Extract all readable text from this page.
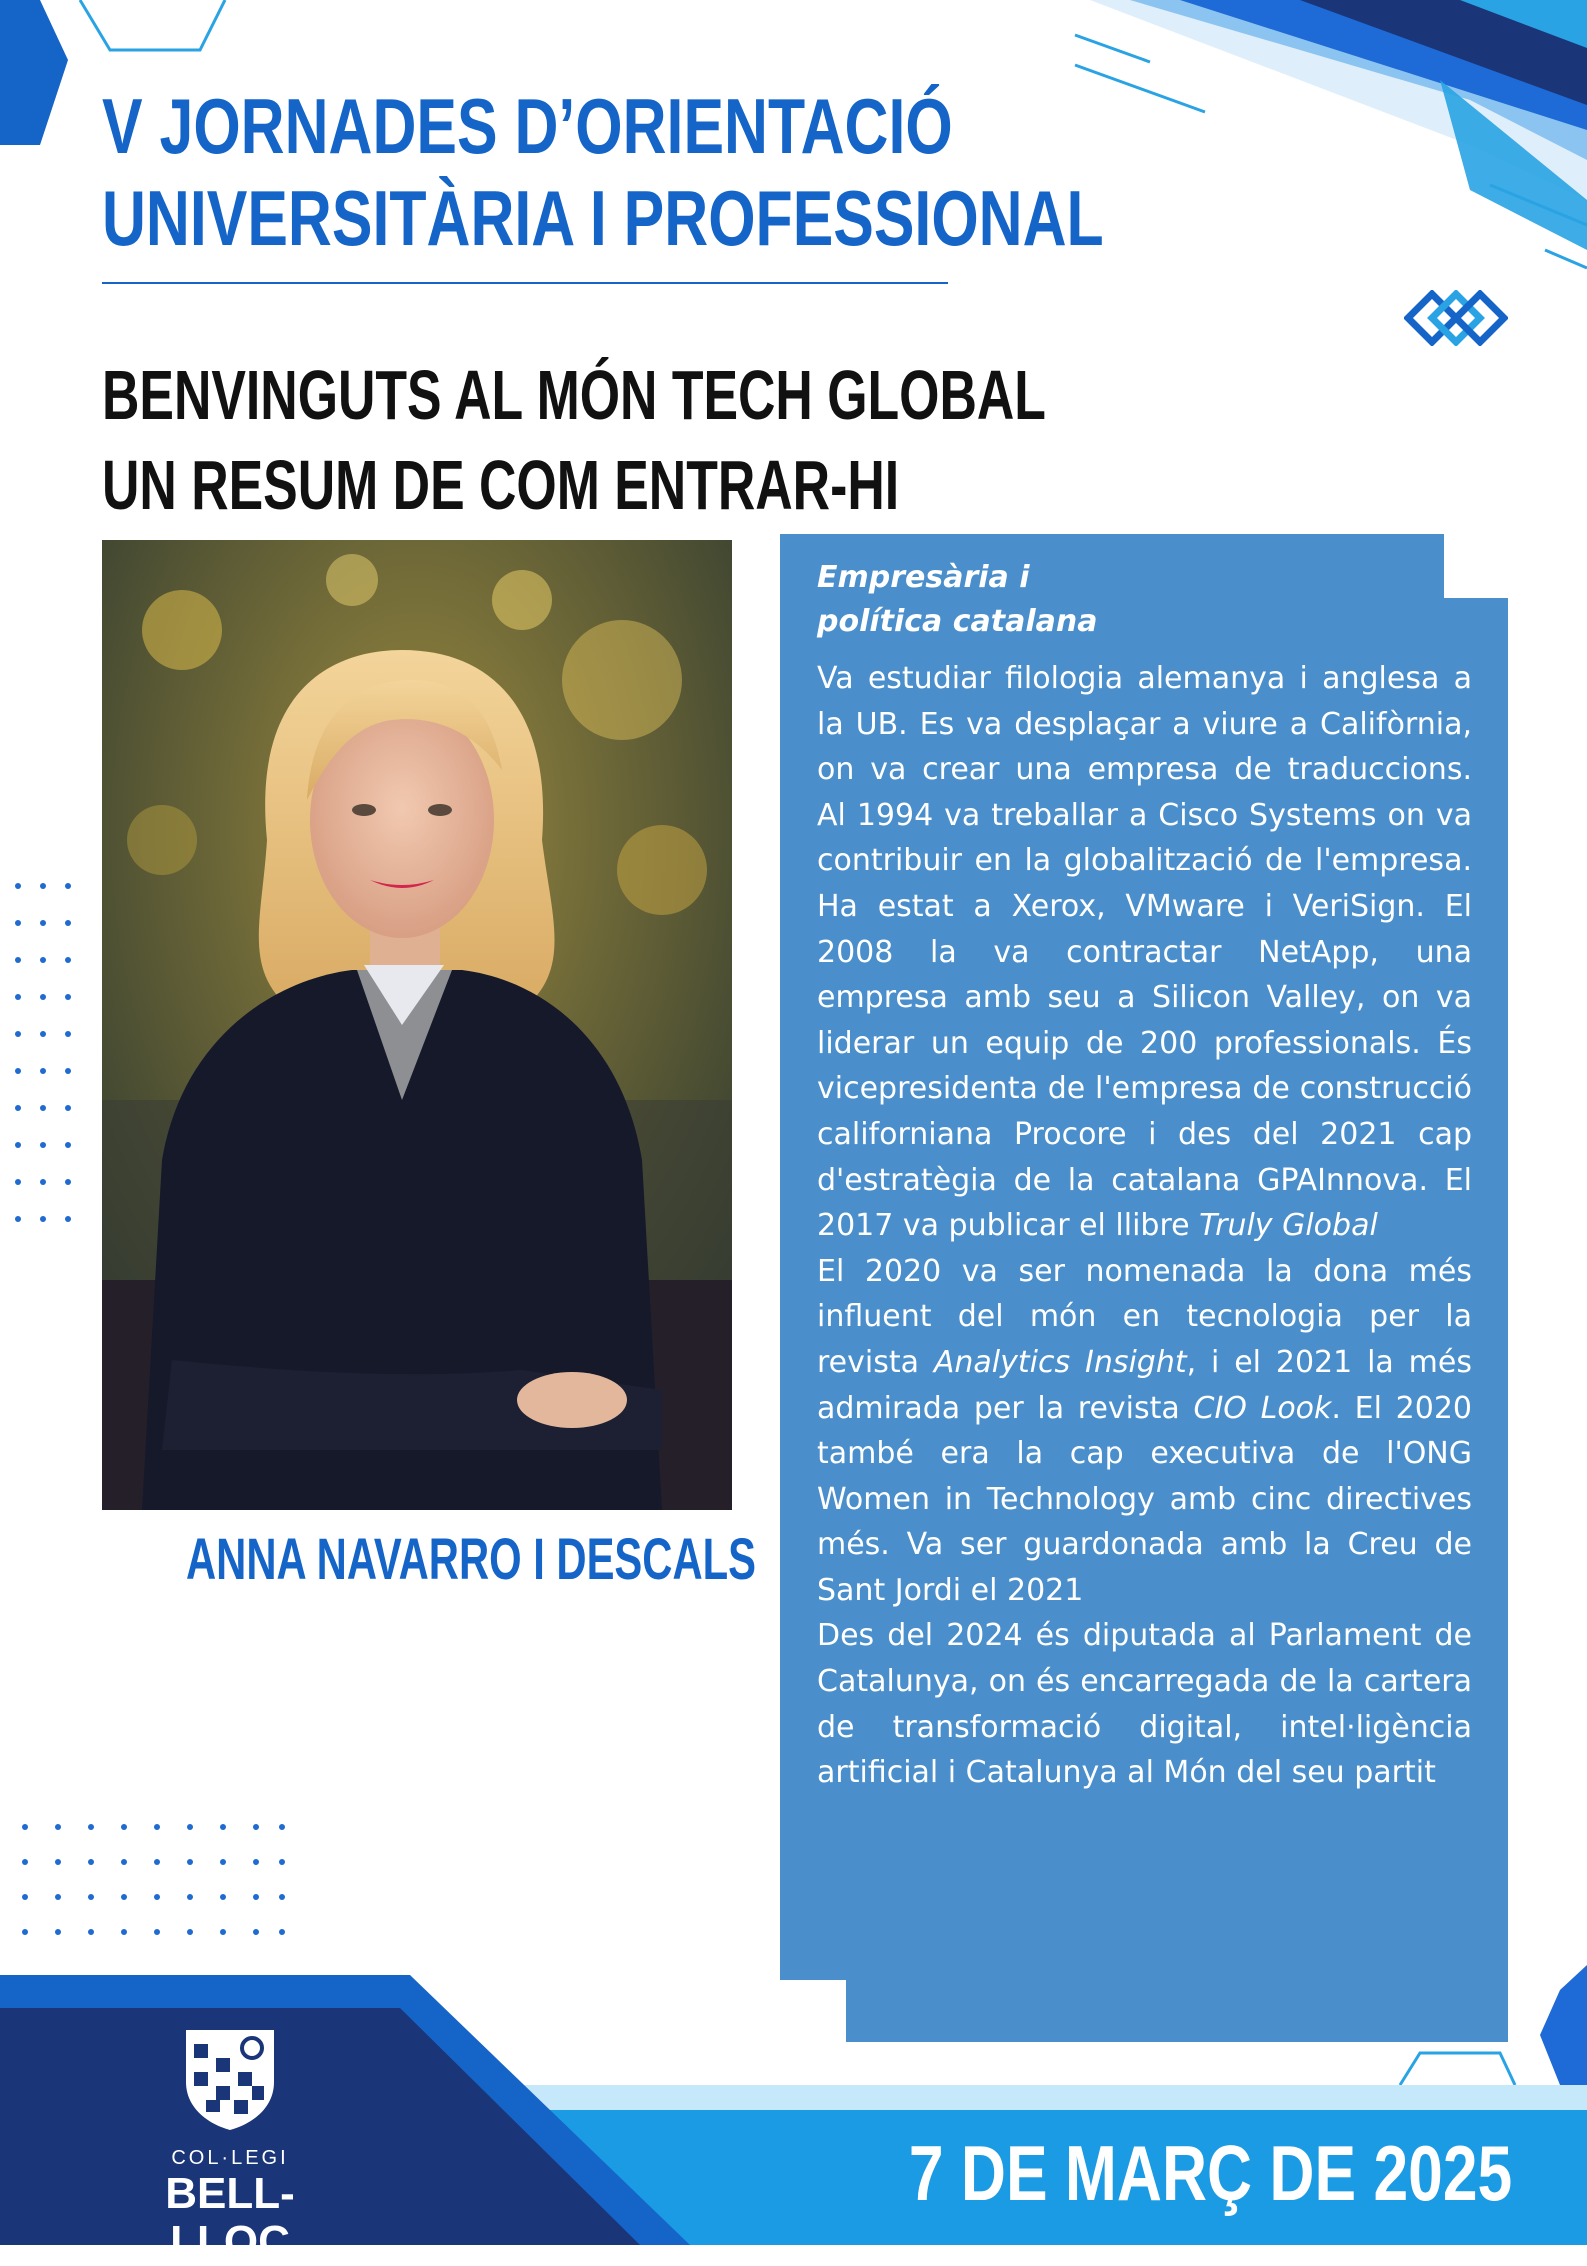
V JORNADES D’ORIENTACIÓ
UNIVERSITÀRIA I PROFESSIONAL
BENVINGUTS AL MÓN TECH GLOBAL
UN RESUM DE COM ENTRAR-HI
ANNA NAVARRO I DESCALS
Empresària i
política catalana

Va estudiar filologia alemanya i anglesa a la UB. Es va desplaçar a viure a Califòrnia, on va crear una empresa de traduccions. Al 1994 va treballar a Cisco Systems on va contribuir en la globalització de l'empresa. Ha estat a Xerox, VMware i VeriSign. El 2008 la va contractar NetApp, una empresa amb seu a Silicon Valley, on va liderar un equip de 200 professionals. És vicepresidenta de l'empresa de construcció californiana Procore i des del 2021 cap d'estratègia de la catalana GPAInnova. El 2017 va publicar el llibre Truly Global

El 2020 va ser nomenada la dona més influent del món en tecnologia per la revista Analytics Insight, i el 2021 la més admirada per la revista CIO Look. El 2020 també era la cap executiva de l'ONG Women in Technology amb cinc directives més. Va ser guardonada amb la Creu de Sant Jordi el 2021

Des del 2024 és diputada al Parlament de Catalunya, on és encarregada de la cartera de transformació digital, intel·ligència artificial i Catalunya al Món del seu partit

COL·LEGI
BELL-LLOC
7 DE MARÇ DE 2025
